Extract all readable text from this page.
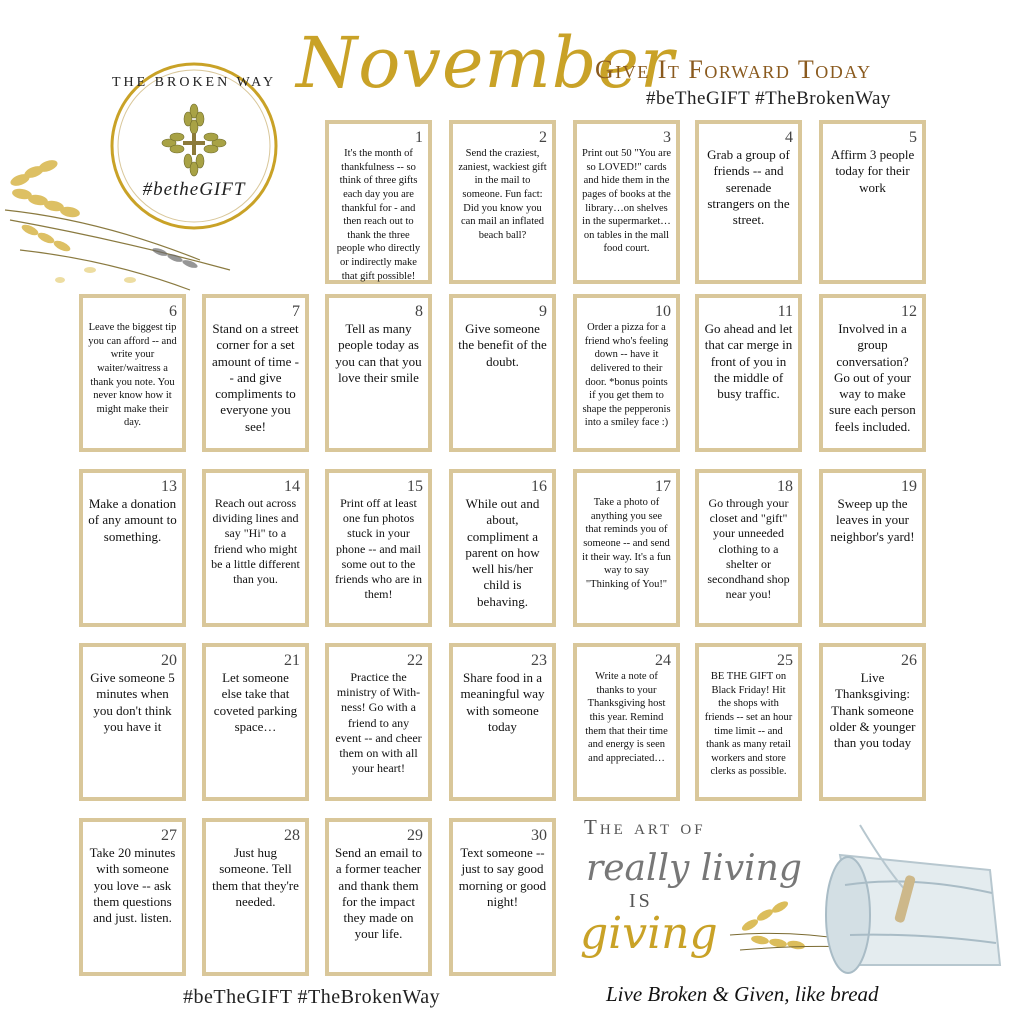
THE BROKEN WAY
#betheGIFT
November
Give It Forward Today
#beTheGIFT #TheBrokenWay
1
It's the month of thankfulness -- so think of three gifts each day you are thankful for - and then reach out to thank the three people who directly or indirectly make that gift possible!
2
Send the craziest, zaniest, wackiest gift in the mail to someone. Fun fact: Did you know you can mail an inflated beach ball?
3
Print out 50 "You are so LOVED!" cards and hide them in the pages of books at the library…on shelves in the supermarket…on tables in the mall food court.
4
Grab a group of friends -- and serenade strangers on the street.
5
Affirm 3 people today for their work
6
Leave the biggest tip you can afford -- and write your waiter/waitress a thank you note. You never know how it might make their day.
7
Stand on a street corner for a set amount of time -- and give compliments to everyone you see!
8
Tell as many people today as you can that you love their smile
9
Give someone the benefit of the doubt.
10
Order a pizza for a friend who's feeling down -- have it delivered to their door. *bonus points if you get them to shape the pepperonis into a smiley face :)
11
Go ahead and let that car merge in front of you in the middle of busy traffic.
12
Involved in a group conversation? Go out of your way to make sure each person feels included.
13
Make a donation of any amount to something.
14
Reach out across dividing lines and say "Hi" to a friend who might be a little different than you.
15
Print off at least one fun photos stuck in your phone -- and mail some out to the friends who are in them!
16
While out and about, compliment a parent on how well his/her child is behaving.
17
Take a photo of anything you see that reminds you of someone -- and send it their way. It's a fun way to say "Thinking of You!"
18
Go through your closet and "gift" your unneeded clothing to a shelter or secondhand shop near you!
19
Sweep up the leaves in your neighbor's yard!
20
Give someone 5 minutes when you don't think you have it
21
Let someone else take that coveted parking space…
22
Practice the ministry of With-ness! Go with a friend to any event -- and cheer them on with all your heart!
23
Share food in a meaningful way with someone today
24
Write a note of thanks to your Thanksgiving host this year. Remind them that their time and energy is seen and appreciated…
25
BE THE GIFT on Black Friday! Hit the shops with friends -- set an hour time limit -- and thank as many retail workers and store clerks as possible.
26
Live Thanksgiving: Thank someone older & younger than you today
27
Take 20 minutes with someone you love -- ask them questions and just. listen.
28
Just hug someone. Tell them that they're needed.
29
Send an email to a former teacher and thank them for the impact they made on your life.
30
Text someone -- just to say good morning or good night!
The art of
really living
IS
giving
Live Broken & Given, like bread
#beTheGIFT #TheBrokenWay
